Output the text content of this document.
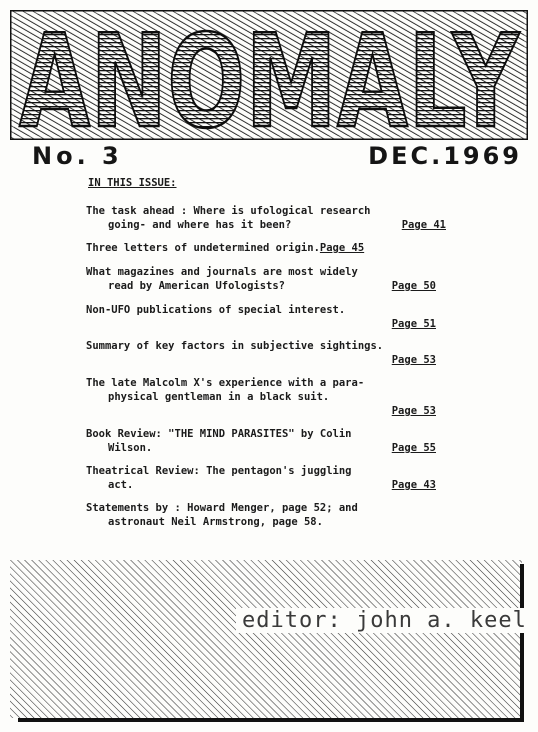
ANOMALY
No. 3	DEC.1969
IN THIS ISSUE:
The task ahead : Where is ufological research
going- and where has it been?	Page 41
Three letters of undetermined origin.Page 45
What magazines and journals are most widely
read by American Ufologists?	Page 50
Non-UFO publications of special interest.
Page 51
Summary of key factors in subjective sightings.
Page 53
The late Malcolm X's experience with a para-
physical gentleman in a black suit.
Page 53
Book Review: "THE MIND PARASITES" by Colin
Wilson.	Page 55
Theatrical Review: The pentagon's juggling
act.	Page 43
Statements by : Howard Menger, page 52; and
astronaut Neil Armstrong, page 58.
editor: john a. keel
